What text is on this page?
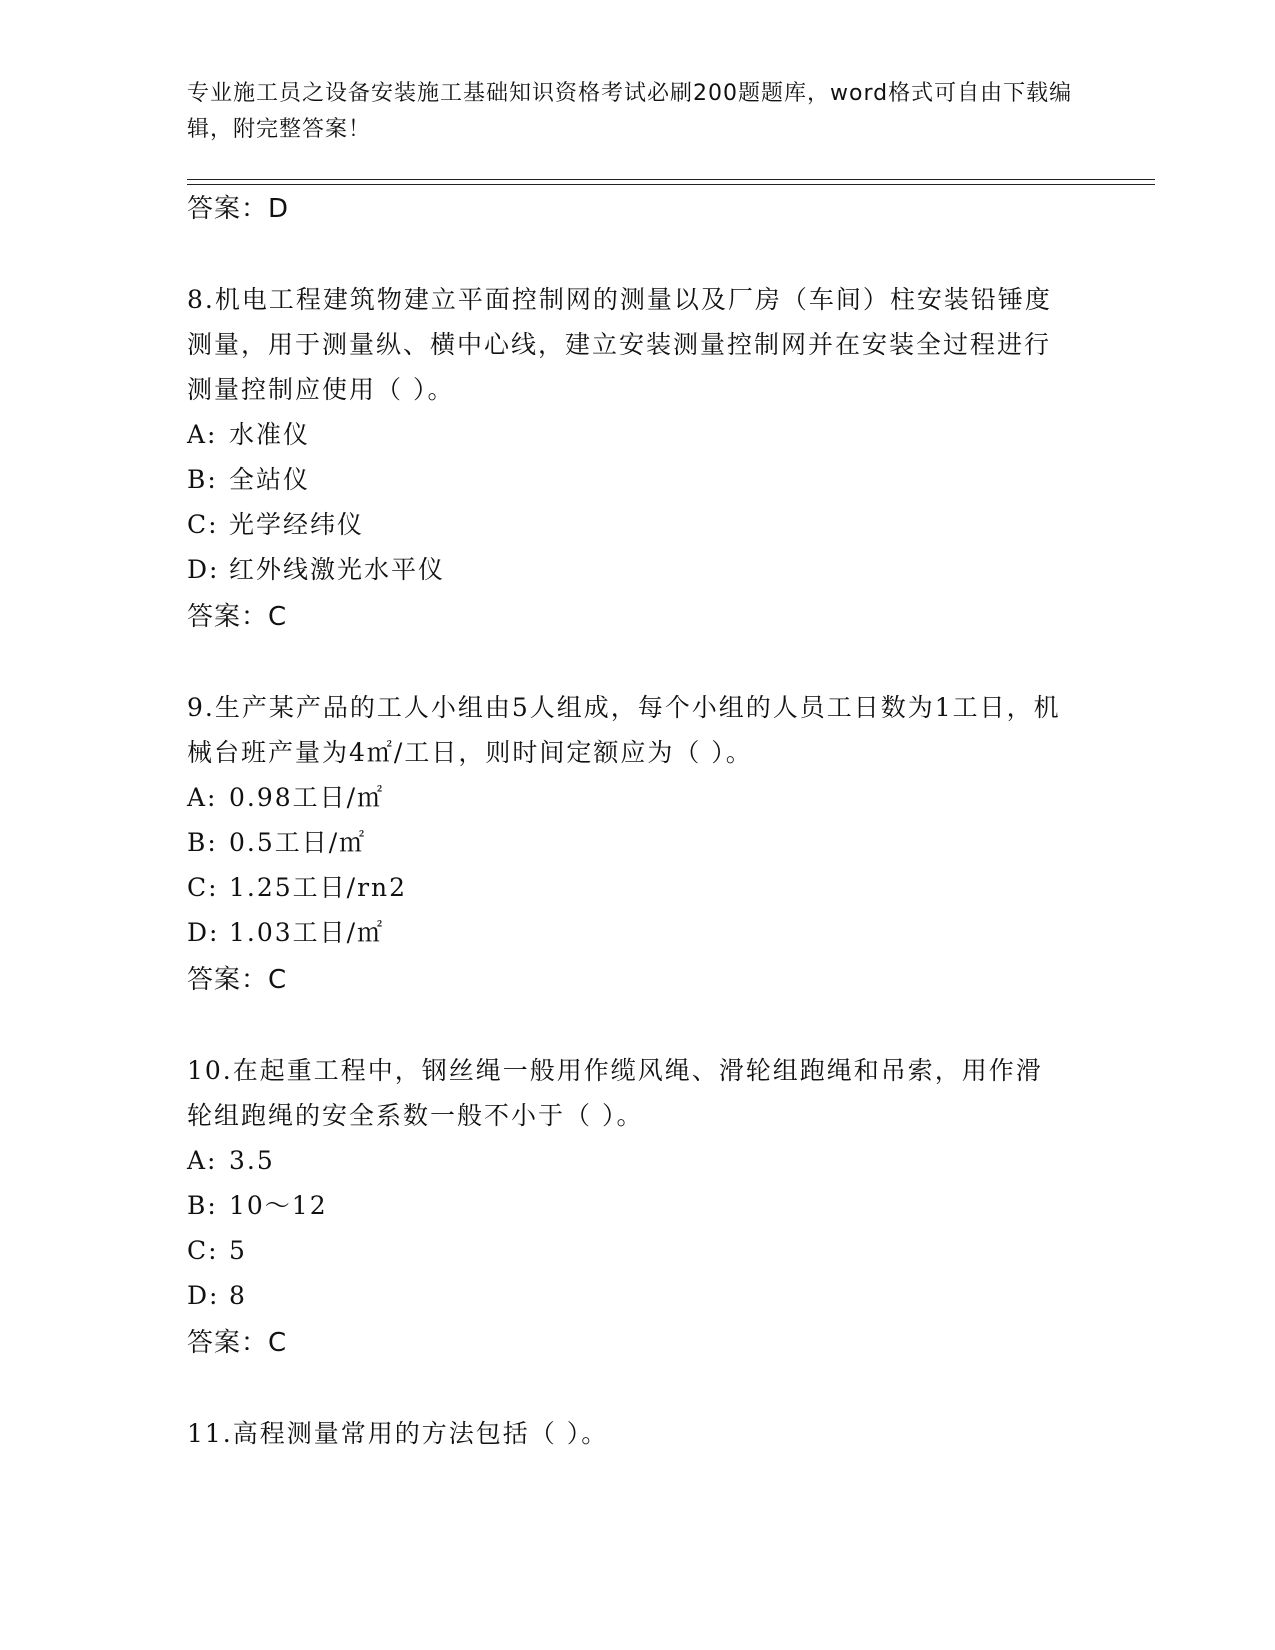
专业施工员之设备安装施工基础知识资格考试必刷200题题库，word格式可自由下载编辑，附完整答案！

答案：D

8.机电工程建筑物建立平面控制网的测量以及厂房（车间）柱安装铅锤度测量，用于测量纵、横中心线，建立安装测量控制网并在安装全过程进行测量控制应使用（ ）。

A: 水准仪

B: 全站仪

C: 光学经纬仪

D: 红外线激光水平仪

答案：C

9.生产某产品的工人小组由5人组成，每个小组的人员工日数为1工日，机械台班产量为4㎡/工日，则时间定额应为（ ）。

A: 0.98工日/㎡

B: 0.5工日/㎡

C: 1.25工日/rn2

D: 1.03工日/㎡

答案：C

10.在起重工程中，钢丝绳一般用作缆风绳、滑轮组跑绳和吊索，用作滑轮组跑绳的安全系数一般不小于（ ）。

A: 3.5

B: 10～12

C: 5

D: 8

答案：C

11.高程测量常用的方法包括（ ）。
